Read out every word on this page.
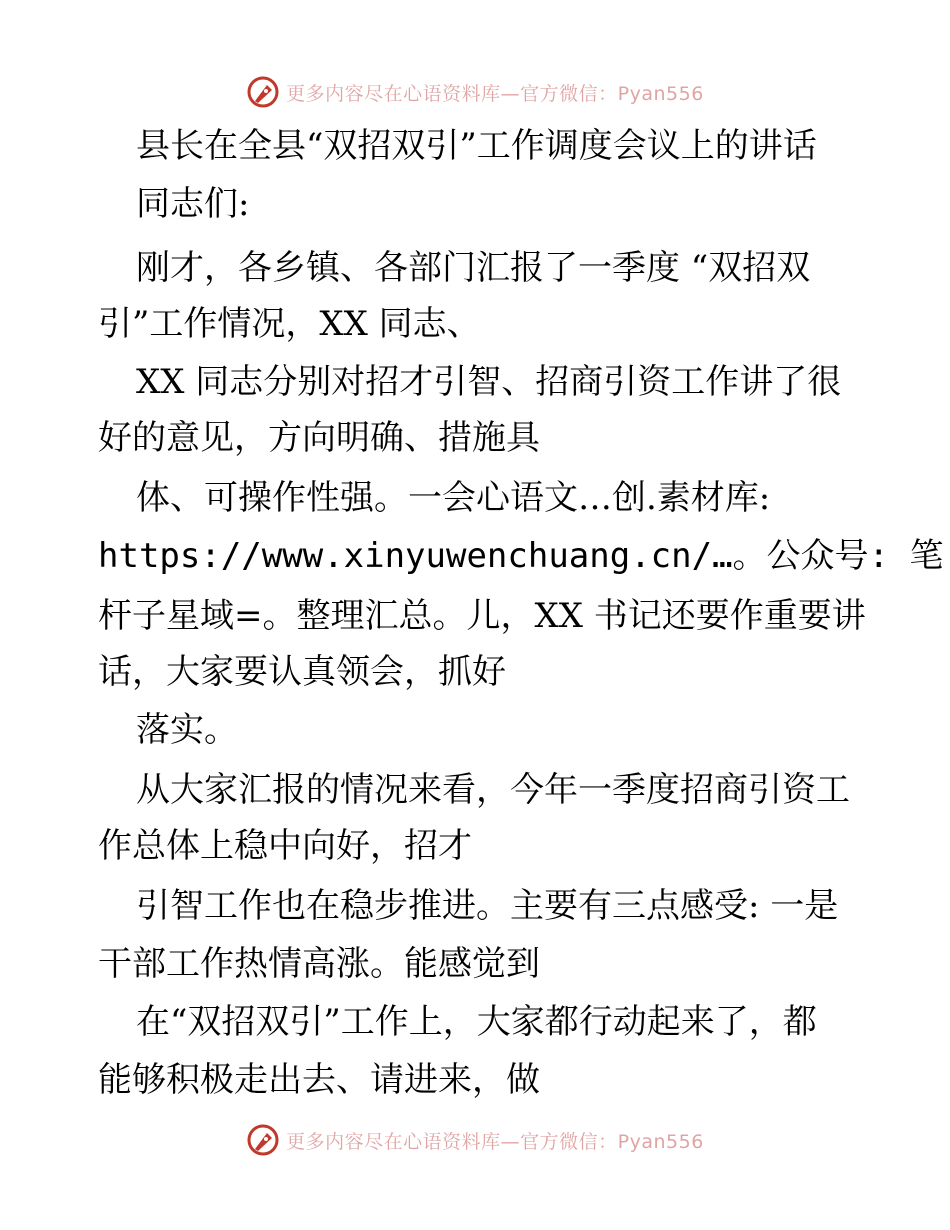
更多内容尽在心语资料库—官方微信：Pyan556
县长在全县“双招双引”工作调度会议上的讲话
同志们:
刚才，各乡镇、各部门汇报了一季度 “双招双
引”工作情况，XX 同志、
XX 同志分别对招才引智、招商引资工作讲了很
好的意见，方向明确、措施具
体、可操作性强。一会心语文…创.素材库:
https://www.xinyuwenchuang.cn/…。公众号: 笔
杆子星域=。整理汇总。儿，XX 书记还要作重要讲
话，大家要认真领会，抓好
落实。
从大家汇报的情况来看，今年一季度招商引资工
作总体上稳中向好，招才
引智工作也在稳步推进。主要有三点感受: 一是
干部工作热情高涨。能感觉到
在“双招双引”工作上，大家都行动起来了，都
能够积极走出去、请进来，做
更多内容尽在心语资料库—官方微信：Pyan556
